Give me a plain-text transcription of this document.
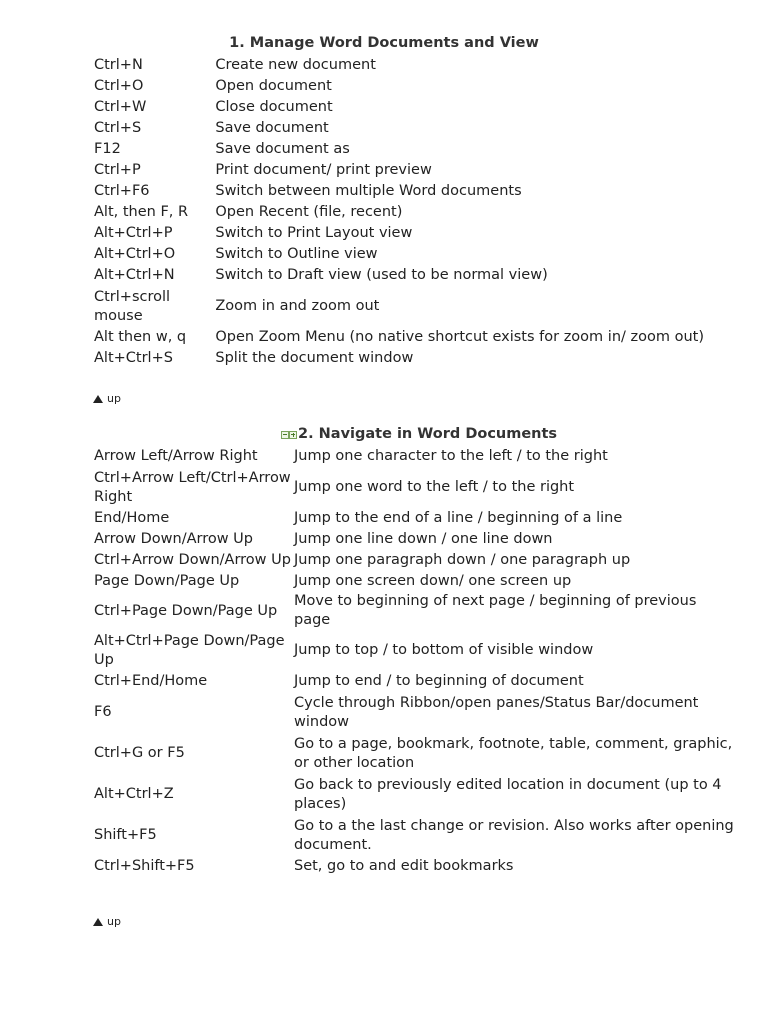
1. Manage Word Documents and View
Ctrl+N	Create new document
Ctrl+O	Open document
Ctrl+W	Close document
Ctrl+S	Save document
F12	Save document as
Ctrl+P	Print document/ print preview
Ctrl+F6	Switch between multiple Word documents
Alt, then F, R	Open Recent (file, recent)
Alt+Ctrl+P	Switch to Print Layout view
Alt+Ctrl+O	Switch to Outline view
Alt+Ctrl+N	Switch to Draft view (used to be normal view)
Ctrl+scroll mouse	Zoom in and zoom out
Alt then w, q	Open Zoom Menu (no native shortcut exists for zoom in/ zoom out)
Alt+Ctrl+S	Split the document window
up
2. Navigate in Word Documents
Arrow Left/Arrow Right	Jump one character to the left / to the right
Ctrl+Arrow Left/Ctrl+Arrow Right	Jump one word to the left / to the right
End/Home	Jump to the end of a line / beginning of a line
Arrow Down/Arrow Up	Jump one line down / one line down
Ctrl+Arrow Down/Arrow Up	Jump one paragraph down / one paragraph up
Page Down/Page Up	Jump one screen down/ one screen up
Ctrl+Page Down/Page Up	Move to beginning of next page / beginning of previous page
Alt+Ctrl+Page Down/Page Up	Jump to top / to bottom of visible window
Ctrl+End/Home	Jump to end / to beginning of document
F6	Cycle through Ribbon/open panes/Status Bar/document window
Ctrl+G or F5	Go to a page, bookmark, footnote, table, comment, graphic, or other location
Alt+Ctrl+Z	Go back to previously edited location in document (up to 4 places)
Shift+F5	Go to a the last change or revision. Also works after opening document.
Ctrl+Shift+F5	Set, go to and edit bookmarks
up
